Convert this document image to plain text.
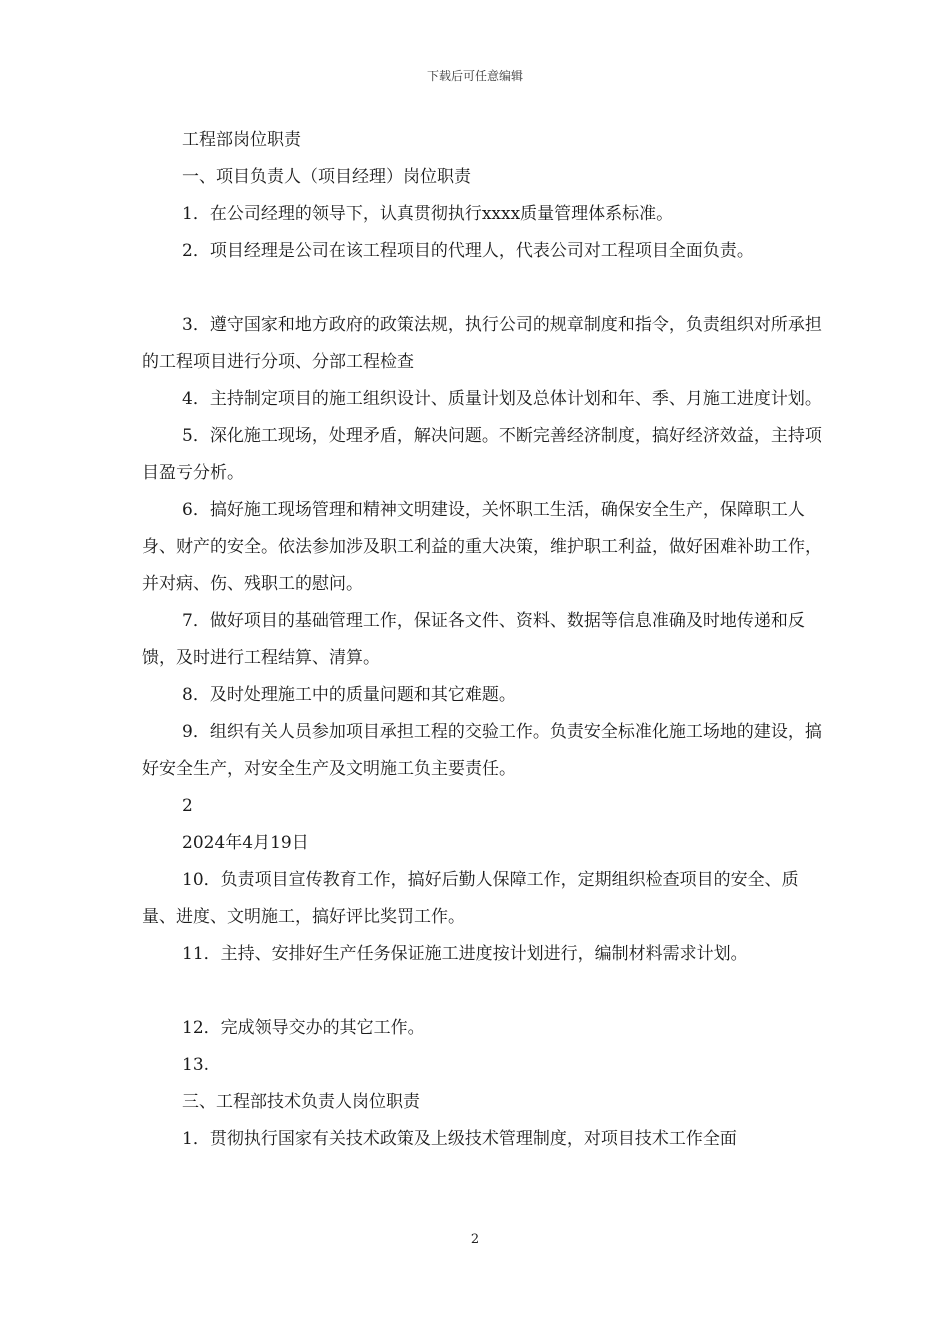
下载后可任意编辑

工程部岗位职责

一、项目负责人（项目经理）岗位职责

1．在公司经理的领导下，认真贯彻执行xxxx质量管理体系标准。

2．项目经理是公司在该工程项目的代理人，代表公司对工程项目全面负责。

3．遵守国家和地方政府的政策法规，执行公司的规章制度和指令，负责组织对所承担的工程项目进行分项、分部工程检查

4．主持制定项目的施工组织设计、质量计划及总体计划和年、季、月施工进度计划。

5．深化施工现场，处理矛盾，解决问题。不断完善经济制度，搞好经济效益，主持项目盈亏分析。

6．搞好施工现场管理和精神文明建设，关怀职工生活，确保安全生产，保障职工人身、财产的安全。依法参加涉及职工利益的重大决策，维护职工利益，做好困难补助工作，并对病、伤、残职工的慰问。

7．做好项目的基础管理工作，保证各文件、资料、数据等信息准确及时地传递和反馈，及时进行工程结算、清算。

8．及时处理施工中的质量问题和其它难题。

9．组织有关人员参加项目承担工程的交验工作。负责安全标准化施工场地的建设，搞好安全生产，对安全生产及文明施工负主要责任。

2

2024年4月19日

10．负责项目宣传教育工作，搞好后勤人保障工作，定期组织检查项目的安全、质量、进度、文明施工，搞好评比奖罚工作。

11．主持、安排好生产任务保证施工进度按计划进行，编制材料需求计划。

12．完成领导交办的其它工作。

13.

三、工程部技术负责人岗位职责

1．贯彻执行国家有关技术政策及上级技术管理制度，对项目技术工作全面

2
